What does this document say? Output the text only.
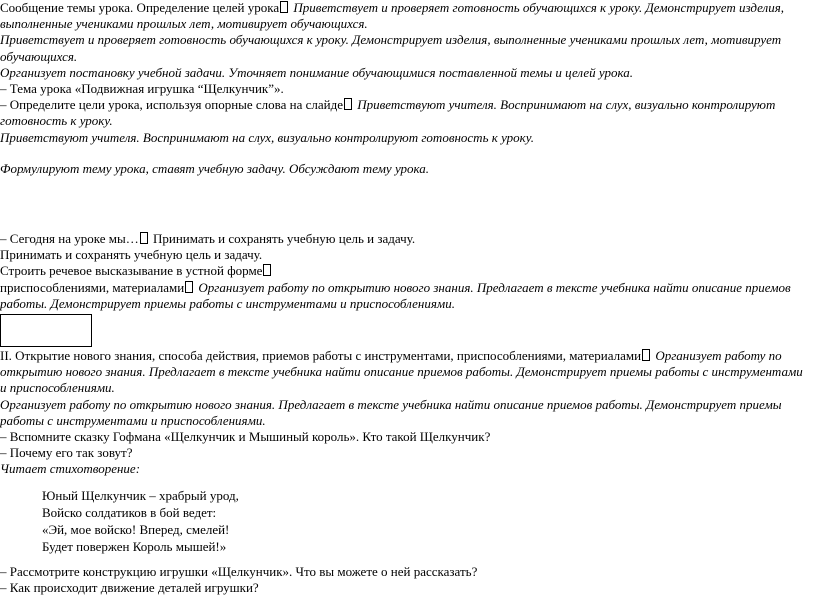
Сообщение темы урока. Определение целей урока Приветствует и проверяет готовность обучающихся к уроку. Демонстрирует изделия, выполненные учениками прошлых лет, мотивирует обучающихся.

Приветствует и проверяет готовность обучающихся к уроку. Демонстрирует изделия, выполненные учениками прошлых лет, мотивирует обучающихся.

Организует постановку учебной задачи. Уточняет понимание обучающимися поставленной темы и целей урока.

– Тема урока «Подвижная игрушка “Щелкунчик”».

– Определите цели урока, используя опорные слова на слайде Приветствуют учителя. Воспринимают на слух, визуально контролируют готовность к уроку.

Приветствуют учителя. Воспринимают на слух, визуально контролируют готовность к уроку.

Формулируют тему урока, ставят учебную задачу. Обсуждают тему урока.

– Сегодня на уроке мы… Принимать и сохранять учебную цель и задачу.

Принимать и сохранять учебную цель и задачу.

Строить речевое высказывание в устной форме

приспособлениями, материалами Организует работу по открытию нового знания. Предлагает в тексте учебника найти описание приемов работы. Демонстрирует приемы работы с инструментами и приспособлениями.

II. Открытие нового знания, способа действия, приемов работы с инструментами, приспособлениями, материалами Организует работу по открытию нового знания. Предлагает в тексте учебника найти описание приемов работы. Демонстрирует приемы работы с инструментами и приспособлениями.

Организует работу по открытию нового знания. Предлагает в тексте учебника найти описание приемов работы. Демонстрирует приемы работы с инструментами и приспособлениями.

– Вспомните сказку Гофмана «Щелкунчик и Мышиный король». Кто такой Щелкунчик?

– Почему его так зовут?

Читает стихотворение:

Юный Щелкунчик – храбрый урод,

Войско солдатиков в бой ведет:

«Эй, мое войско! Вперед, смелей!

Будет повержен Король мышей!»

– Рассмотрите конструкцию игрушки «Щелкунчик». Что вы можете о ней рассказать?

– Как происходит движение деталей игрушки?
